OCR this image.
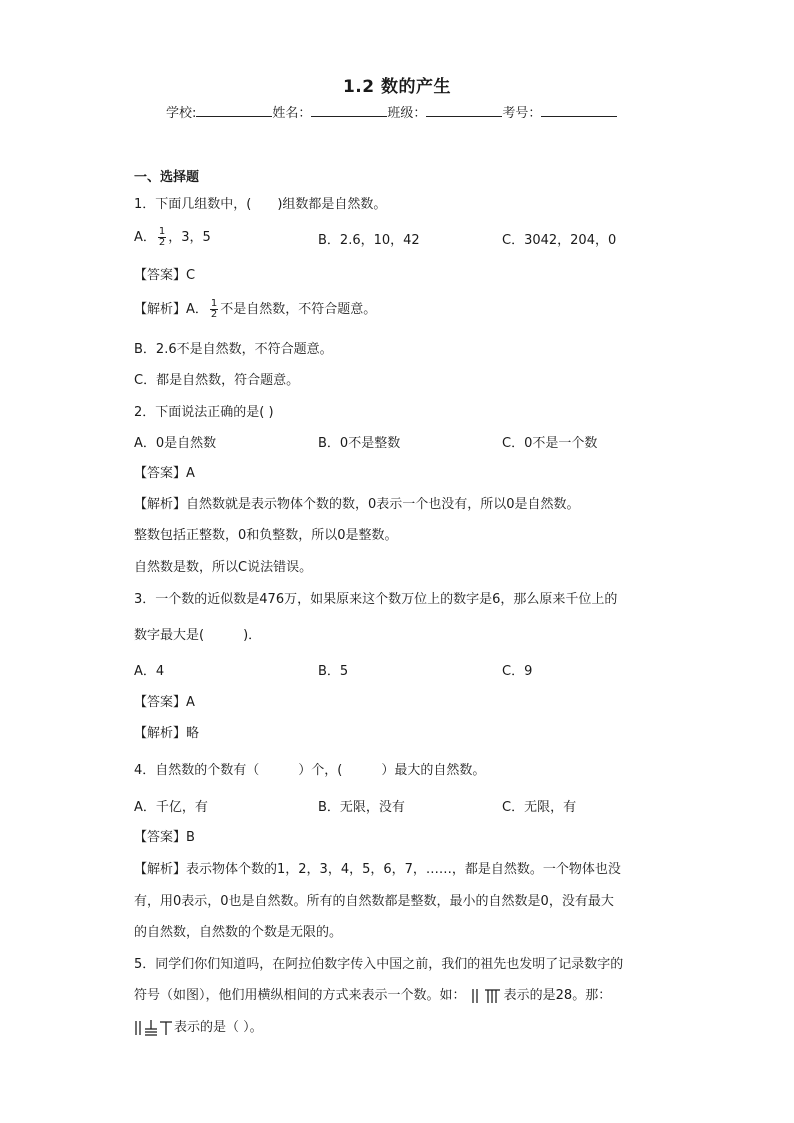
1.2 数的产生
学校:	姓名：	班级：	考号：
一、选择题
1．下面几组数中，(　　)组数都是自然数。
A． $\frac{1}{2}$ ，3，5	B．2.6，10，42	C．3042，204，0
【答案】C
【解析】A． $\frac{1}{2}$ 不是自然数，不符合题意。
B．2.6不是自然数，不符合题意。
C．都是自然数，符合题意。
2．下面说法正确的是( )
A．0是自然数	B．0不是整数	C．0不是一个数
【答案】A
【解析】自然数就是表示物体个数的数，0表示一个也没有，所以0是自然数。
整数包括正整数，0和负整数，所以0是整数。
自然数是数，所以C说法错误。
3．一个数的近似数是476万，如果原来这个数万位上的数字是6，那么原来千位上的
数字最大是(　　　)．
A．4	B．5	C．9
【答案】A
【解析】略
4．自然数的个数有（　　　）个，(　　　）最大的自然数。
A．千亿，有	B．无限，没有	C．无限，有
【答案】B
【解析】表示物体个数的1，2，3，4，5，6，7，……，都是自然数。一个物体也没
有，用0表示，0也是自然数。所有的自然数都是整数，最小的自然数是0，没有最大
的自然数，自然数的个数是无限的。
5．同学们你们知道吗，在阿拉伯数字传入中国之前，我们的祖先也发明了记录数字的
符号（如图），他们用横纵相间的方式来表示一个数。如：	表示的是28。那：
表示的是（ ）。
